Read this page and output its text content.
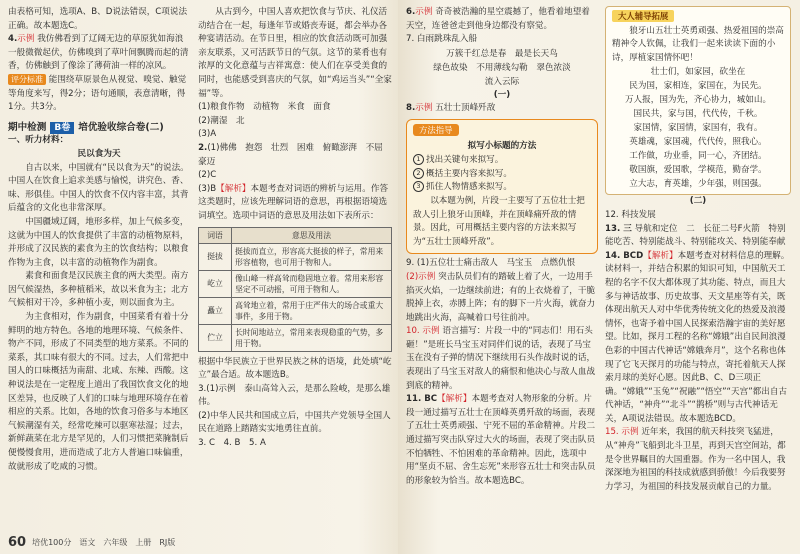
由表格可知，选项A、B、D说法错误，C项说法正确。故本题选C。

4.示例 我仿佛看到了辽阔无边的草原犹如海浪一般微微起伏，仿佛嗅到了草叶间飘腾而起的清香，仿佛触到了像涂了薄荷油一样的凉风。

评分标准 能围绕草原景色从视觉、嗅觉、触觉等角度来写，得2分；语句通顺，表意清晰，得1分。共3分。

期中检测 B卷 培优验收综合卷(二)

一、听力材料：

民以食为天

自古以来，中国就有“民以食为天”的说法。中国人在饮食上追求美感与愉悦，讲究色、香、味、形俱佳。中国人的饮食不仅内容丰富，其背后蕴含的文化也非常深厚。

中国疆域辽阔，地形多样，加上气候多变，这就为中国人的饮食提供了丰富的动植物原料，并形成了汉民族的素食为主的饮食结构；以粮食作物为主食，以丰富的动植物作为副食。

素食和面食是汉民族主食的两大类型。南方因气候湿热，多种植稻米，故以米食为主；北方气候相对干冷，多种植小麦，则以面食为主。

为主食相对，作为副食，中国菜肴有着十分鲜明的地方特色。各地的地理环境、气候条件、物产不同，形成了不同类型的地方菜系。不同的菜系，其口味有很大的不同。过去，人们常把中国人的口味概括为南甜、北咸、东辣、西酸。这种说法是在一定程度上道出了我国饮食文化的地区差异，也反映了人们的口味与地理环境存在着相应的关系。比如，各地的饮食习俗多与本地区气候潮湿有关，经常吃辣可以驱寒祛湿；过去，新鲜蔬菜在北方是罕见的，人们习惯把菜腌制后便慢慢食用，进而造成了北方人普遍口味偏重，故就形成了吃咸的习惯。

从古到今，中国人喜欢把饮食与节庆、礼仪活动结合在一起，每逢年节或婚丧寿诞，都会举办各种宴请活动。在节日里，相应的饮食活动既可加强亲友联系，又可活跃节日的气氛。这节的菜肴也有浓厚的文化意蕴与吉祥寓意：使人们在享受美食的同时，也能感受到喜庆的气氛，如“鸡运当头”“全家福”等。

(1)粮食作物　动植物　米食　面食

(2)潮湿　北

(3)A

2.(1)佛佛　抱怨　壮烈　困难　俯瞰澎湃　不屈　豪迈

(2)C

(3)B【解析】本题考查对词语的辨析与运用。作答这类题时，应该先理解词语的意思，再根据语境选词填空。选项中词语的意思及用法如下表所示：

词语	意思及用法
挺拔	挺拔而直立，形容高大挺拔的样子，常用来形容植物，也可用于物和人。
屹立	像山峰一样高耸而稳固地立着。常用来形容坚定不可动摇，可用于物和人。
矗立	高耸地立着，常用于庄严伟大的场合或重大事件，多用于物。
伫立	长时间地站立，常用来表现稳重的气势，多用于物。

根据中华民族立于世界民族之林的语境，此处填“屹立”最合适。故本题选B。

3.(1)示例　泰山高耸入云，是那么险峻，是那么雄伟。

(2)中华人民共和国成立后，中国共产党领导全国人民在道路上踏踏实实地勇往直前。

3. C　4. B　5. A

60 培优100分　语文　六年级　上册　RJ版

6.示例 奇奇被浩瀚的星空震撼了，他看着地望着天空，连爸爸走到他身边都没有察觉。

7. 白雨跳珠乱入船

万簇千红总是春　最是长天鸟

绿色故染　不用薄线勾勒　翠色浓淡

流入云际

(一)

8.示例 五壮士顶峰歼敌

方法指导

拟写小标题的方法

1 找出关键句来拟写。

2 概括主要内容来拟写。

3 抓住人物情感来拟写。

以本题为例，片段一主要写了五位壮士把敌人引上狼牙山顶峰，并在顶峰痛歼敌的情景。因此，可用概括主要内容的方法来拟写为“五壮士顶峰歼敌”。

9. (1)五位壮士痛击敌人　马宝玉　点燃仇恨

(2)示例 突击队员们有的踏破上着了火，一边用手掐灭火焰，一边继续前进；有的上衣烧着了，干脆脱掉上衣，赤膊上阵；有的脚下一片火海，就奋力地跳出火海，高喊着口号往前冲。

10. 示例 语言描写：片段一中的“同志们！用石头砸！”是班长马宝玉对同伴们说的话，表现了马宝玉在没有子弹的情况下继续用石头作战时说的话，表现出了马宝玉对敌人的痛恨和他决心与敌人血战到底的精神。

11. BC【解析】本题考查对人物形象的分析。片段一通过描写五壮士在顶峰英勇歼敌的场面，表现了五壮士英勇顽强、宁死不屈的革命精神。片段二通过描写突击队穿过大火的场面，表现了突击队员不怕牺牲、不怕困难的革命精神。因此，选项中用“坚贞不屈、舍生忘死”来形容五壮士和突击队员的形象较为恰当。故本题选BC。

大人辅导拓展

狼牙山五壮士英勇顽强、热爱祖国的崇高精神令人钦佩，让我们一起来读读下面的小诗，厚植家国情怀吧！

壮士们，如家园，砍坐在

民为国，家相连，家国在，为民先。

万人报，国为先，齐心协力，城如山。

国民共，家与国，代代传，千秋。

家国情，家国情，家国有，我有。

英雄魂，家国魂，代代传，照我心。

工作做，功业垂，同一心，齐团结。

敬国旗，爱国歌，学模范，勤奋学。

立大志，育英雄，少年强，则国强。

(二)

12. 科技发展

13. 三 导航和定位　二　长征二号F火箭　特别能吃苦、特别能战斗、特别能攻关、特别能奉献

14. BCD【解析】本题考查对材料信息的理解。读材料一，并结合积累的知识可知，中国航天工程的名字不仅大都体现了其功能、特点，而且大多与神话故事、历史故事、天文星座等有关，既体现出航天人对中华优秀传统文化的热爱及浪漫情怀，也寄予着中国人民探索浩瀚宇宙的美好愿望。比如，探月工程的名称“嫦娥”出自民间浪漫色彩的中国古代神话“嫦娥奔月”，这个名称也体现了它飞天探月的功能与特点，寄托着航天人探索月球的美好心愿。因此B、C、D三项正确。“嫦娥”“玉兔”“祝融”“悟空”“天宫”都出自古代神话，“神舟”“北斗”“鹊桥”则与古代神话无关，A项说法错误。故本题选BCD。

15. 示例 近年来，我国的航天科技突飞猛进，从“神舟”飞船到北斗卫星，再到天宫空间站，都是令世界瞩目的大国重器。作为一名中国人，我深深地为祖国的科技成就感到骄傲！今后我要努力学习，为祖国的科技发展贡献自己的力量。
